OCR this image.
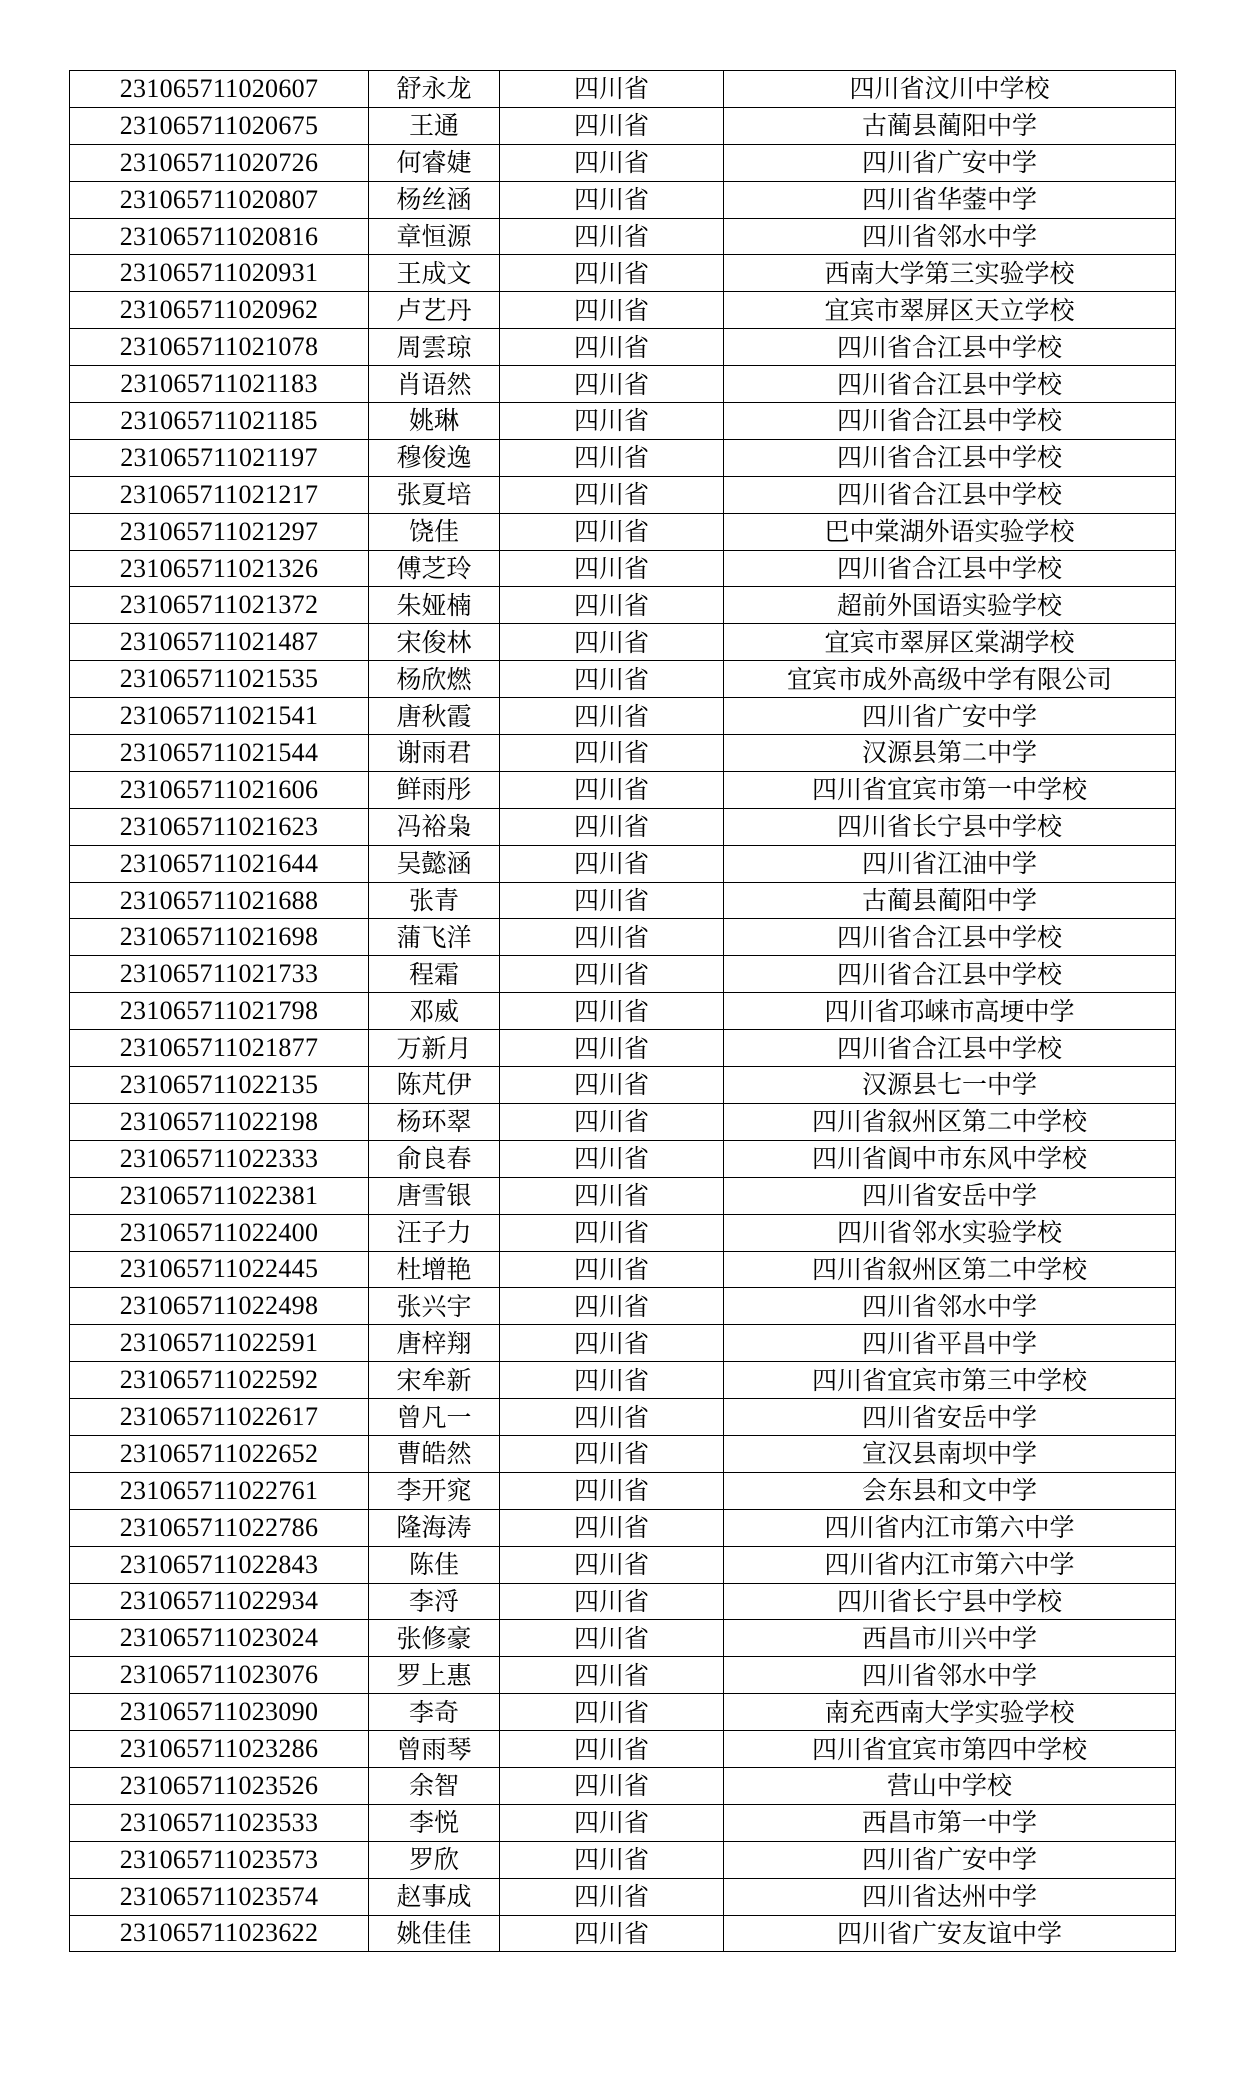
231065711020607	舒永龙	四川省	四川省汶川中学校
231065711020675	王通	四川省	古蔺县蔺阳中学
231065711020726	何睿婕	四川省	四川省广安中学
231065711020807	杨丝涵	四川省	四川省华蓥中学
231065711020816	章恒源	四川省	四川省邻水中学
231065711020931	王成文	四川省	西南大学第三实验学校
231065711020962	卢艺丹	四川省	宜宾市翠屏区天立学校
231065711021078	周雲琼	四川省	四川省合江县中学校
231065711021183	肖语然	四川省	四川省合江县中学校
231065711021185	姚琳	四川省	四川省合江县中学校
231065711021197	穆俊逸	四川省	四川省合江县中学校
231065711021217	张夏培	四川省	四川省合江县中学校
231065711021297	饶佳	四川省	巴中棠湖外语实验学校
231065711021326	傅芝玲	四川省	四川省合江县中学校
231065711021372	朱娅楠	四川省	超前外国语实验学校
231065711021487	宋俊林	四川省	宜宾市翠屏区棠湖学校
231065711021535	杨欣燃	四川省	宜宾市成外高级中学有限公司
231065711021541	唐秋霞	四川省	四川省广安中学
231065711021544	谢雨君	四川省	汉源县第二中学
231065711021606	鲜雨彤	四川省	四川省宜宾市第一中学校
231065711021623	冯裕枭	四川省	四川省长宁县中学校
231065711021644	吴懿涵	四川省	四川省江油中学
231065711021688	张青	四川省	古蔺县蔺阳中学
231065711021698	蒲飞洋	四川省	四川省合江县中学校
231065711021733	程霜	四川省	四川省合江县中学校
231065711021798	邓威	四川省	四川省邛崃市高埂中学
231065711021877	万新月	四川省	四川省合江县中学校
231065711022135	陈芃伊	四川省	汉源县七一中学
231065711022198	杨环翠	四川省	四川省叙州区第二中学校
231065711022333	俞良春	四川省	四川省阆中市东风中学校
231065711022381	唐雪银	四川省	四川省安岳中学
231065711022400	汪子力	四川省	四川省邻水实验学校
231065711022445	杜增艳	四川省	四川省叙州区第二中学校
231065711022498	张兴宇	四川省	四川省邻水中学
231065711022591	唐梓翔	四川省	四川省平昌中学
231065711022592	宋牟新	四川省	四川省宜宾市第三中学校
231065711022617	曾凡一	四川省	四川省安岳中学
231065711022652	曹皓然	四川省	宣汉县南坝中学
231065711022761	李开窕	四川省	会东县和文中学
231065711022786	隆海涛	四川省	四川省内江市第六中学
231065711022843	陈佳	四川省	四川省内江市第六中学
231065711022934	李浖	四川省	四川省长宁县中学校
231065711023024	张修豪	四川省	西昌市川兴中学
231065711023076	罗上惠	四川省	四川省邻水中学
231065711023090	李奇	四川省	南充西南大学实验学校
231065711023286	曾雨琴	四川省	四川省宜宾市第四中学校
231065711023526	余智	四川省	营山中学校
231065711023533	李悦	四川省	西昌市第一中学
231065711023573	罗欣	四川省	四川省广安中学
231065711023574	赵事成	四川省	四川省达州中学
231065711023622	姚佳佳	四川省	四川省广安友谊中学
